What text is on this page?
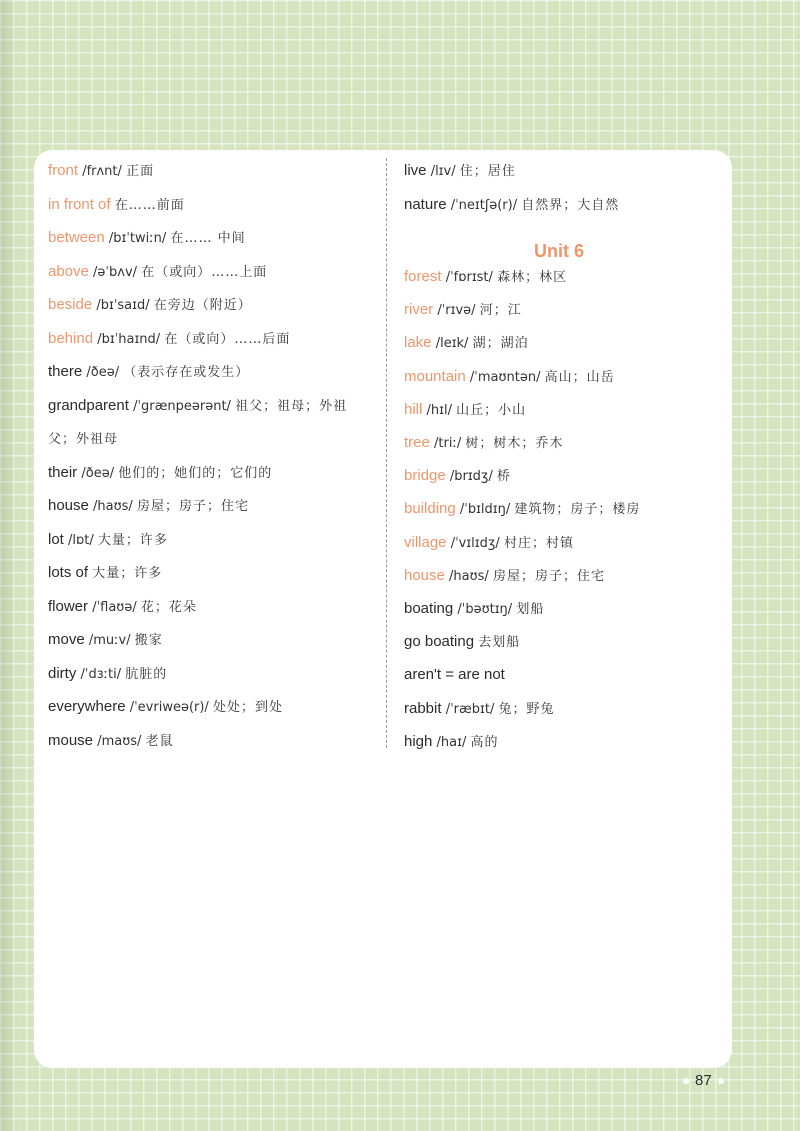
front /frʌnt/ 正面
in front of 在……前面
between /bɪˈtwiːn/ 在…… 中间
above /əˈbʌv/ 在（或向）……上面
beside /bɪˈsaɪd/ 在旁边（附近）
behind /bɪˈhaɪnd/ 在（或向）……后面
there /ðeə/ （表示存在或发生）
grandparent /ˈgrænpeərənt/ 祖父；祖母；外祖
父；外祖母
their /ðeə/ 他们的；她们的；它们的
house /haʊs/ 房屋；房子；住宅
lot /lɒt/ 大量；许多
lots of 大量；许多
flower /ˈflaʊə/ 花；花朵
move /muːv/ 搬家
dirty /ˈdɜːti/ 肮脏的
everywhere /ˈevriweə(r)/ 处处；到处
mouse /maʊs/ 老鼠
Unit 6
live /lɪv/ 住；居住
nature /ˈneɪtʃə(r)/ 自然界；大自然
forest /ˈfɒrɪst/ 森林；林区
river /ˈrɪvə/ 河；江
lake /leɪk/ 湖；湖泊
mountain /ˈmaʊntən/ 高山；山岳
hill /hɪl/ 山丘；小山
tree /triː/ 树；树木；乔木
bridge /brɪdʒ/ 桥
building /ˈbɪldɪŋ/ 建筑物；房子；楼房
village /ˈvɪlɪdʒ/ 村庄；村镇
house /haʊs/ 房屋；房子；住宅
boating /ˈbəʊtɪŋ/ 划船
go boating 去划船
aren't = are not
rabbit /ˈræbɪt/ 兔；野兔
high /haɪ/ 高的
87
